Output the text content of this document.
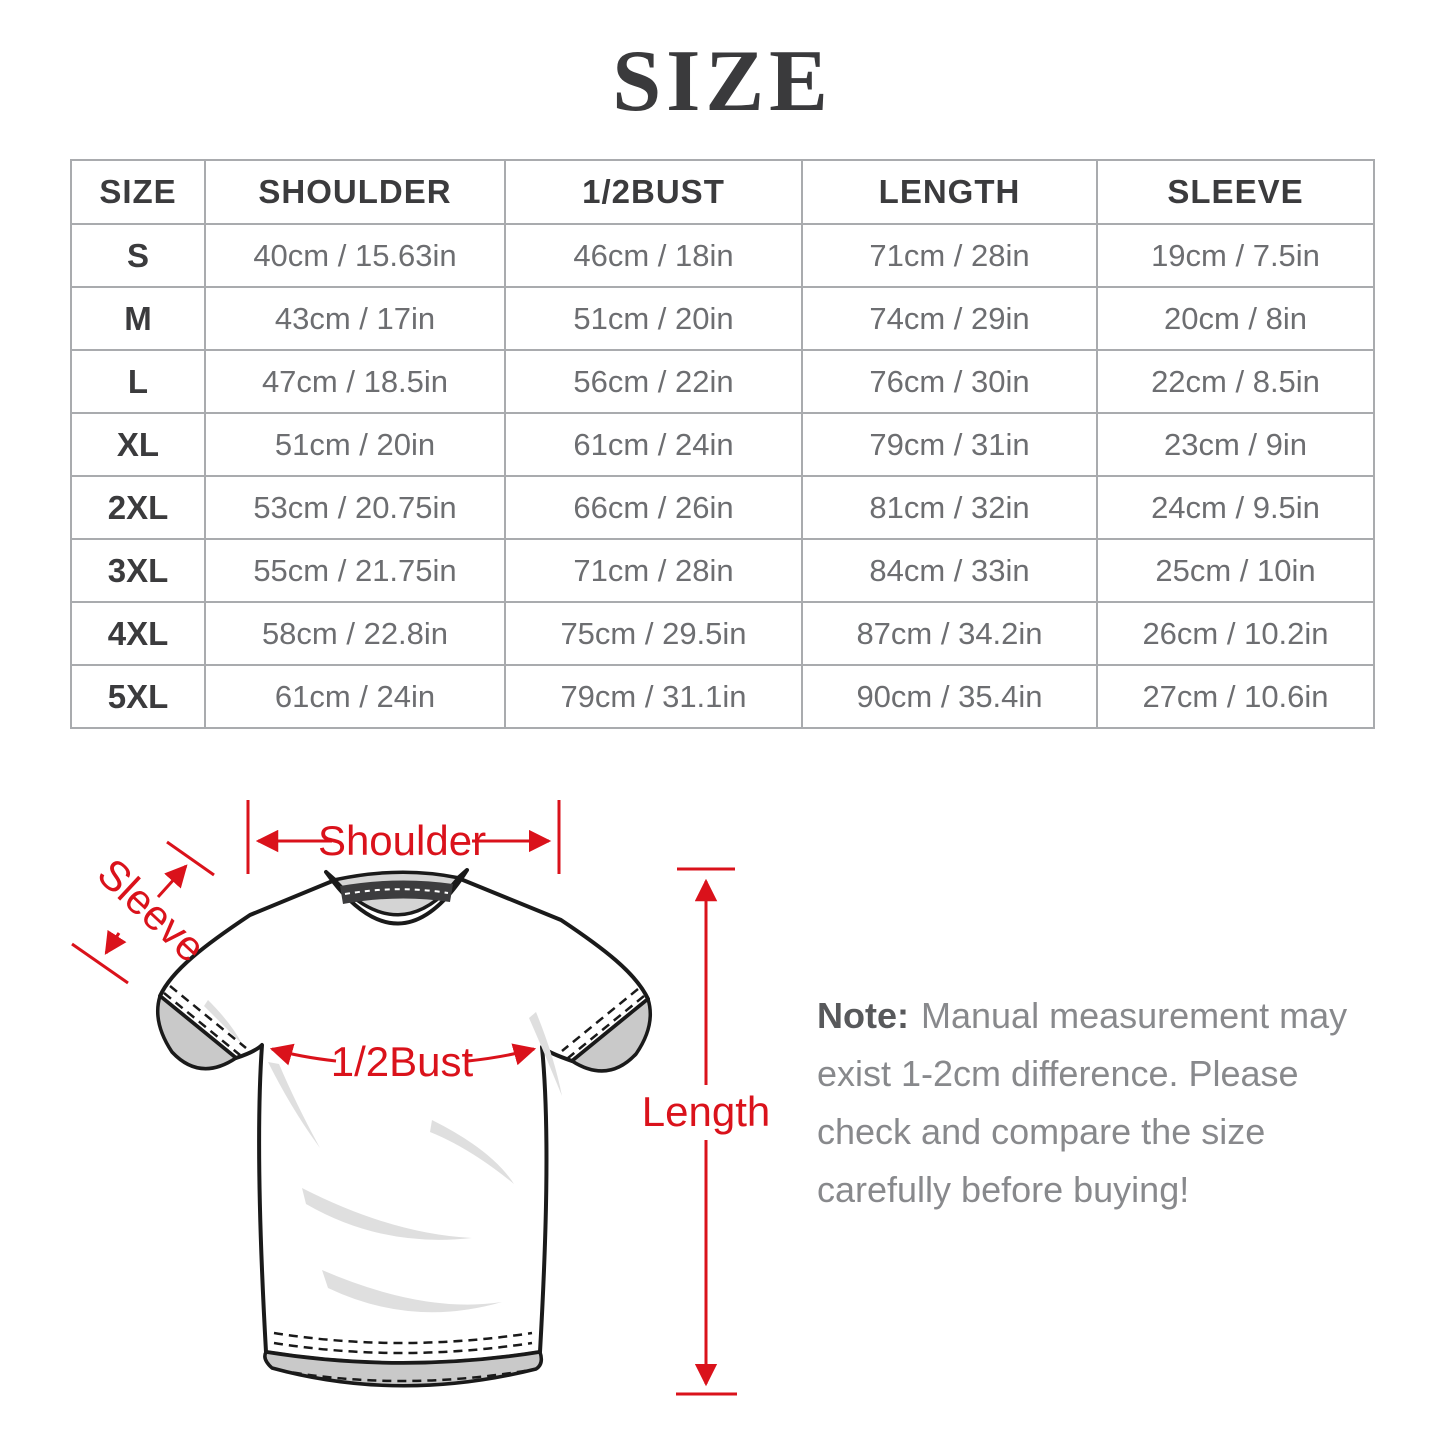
SIZE
SIZE	SHOULDER	1/2BUST	LENGTH	SLEEVE
S	40cm / 15.63in	46cm / 18in	71cm / 28in	19cm / 7.5in
M	43cm / 17in	51cm / 20in	74cm / 29in	20cm / 8in
L	47cm / 18.5in	56cm / 22in	76cm / 30in	22cm / 8.5in
XL	51cm / 20in	61cm / 24in	79cm / 31in	23cm / 9in
2XL	53cm / 20.75in	66cm / 26in	81cm / 32in	24cm / 9.5in
3XL	55cm / 21.75in	71cm / 28in	84cm / 33in	25cm / 10in
4XL	58cm / 22.8in	75cm / 29.5in	87cm / 34.2in	26cm / 10.2in
5XL	61cm / 24in	79cm / 31.1in	90cm / 35.4in	27cm / 10.6in
Shoulder
Sleeve
1/2Bust
Length
Note: Manual measurement may
exist 1-2cm difference. Please
check and compare the size
carefully before buying!
